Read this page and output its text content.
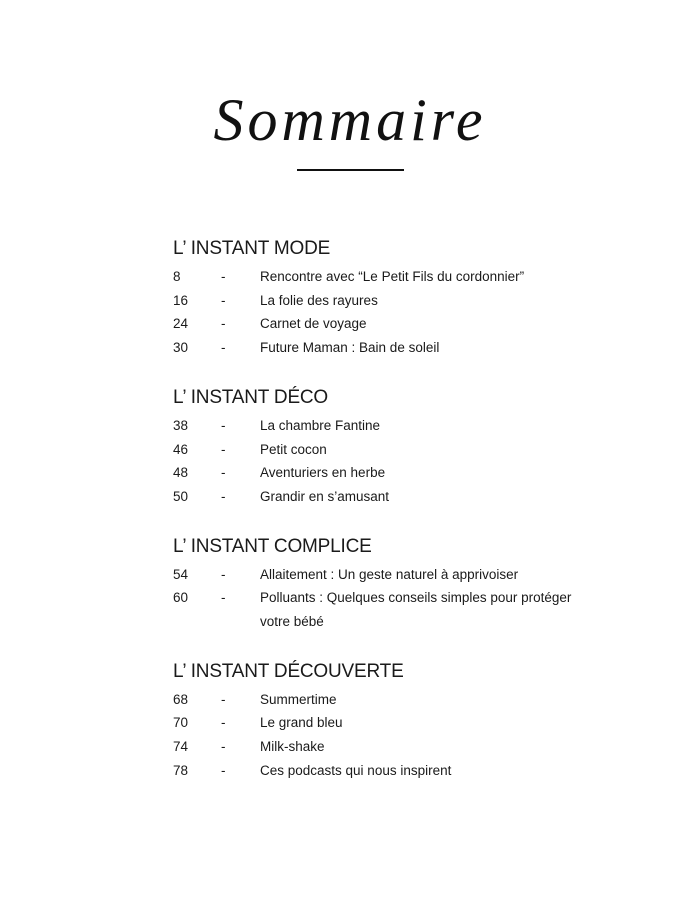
Sommaire
L’ INSTANT MODE
8	-	Rencontre avec “Le Petit Fils du cordonnier”
16	-	La folie des rayures
24	-	Carnet de voyage
30	-	Future Maman : Bain de soleil
L’ INSTANT DÉCO
38	-	La chambre Fantine
46	-	Petit cocon
48	-	Aventuriers en herbe
50	-	Grandir en s’amusant
L’ INSTANT COMPLICE
54	-	Allaitement : Un geste naturel à apprivoiser
60	-	Polluants : Quelques conseils simples pour protéger votre bébé
L’ INSTANT DÉCOUVERTE
68	-	Summertime
70	-	Le grand bleu
74	-	Milk-shake
78	-	Ces podcasts qui nous inspirent
